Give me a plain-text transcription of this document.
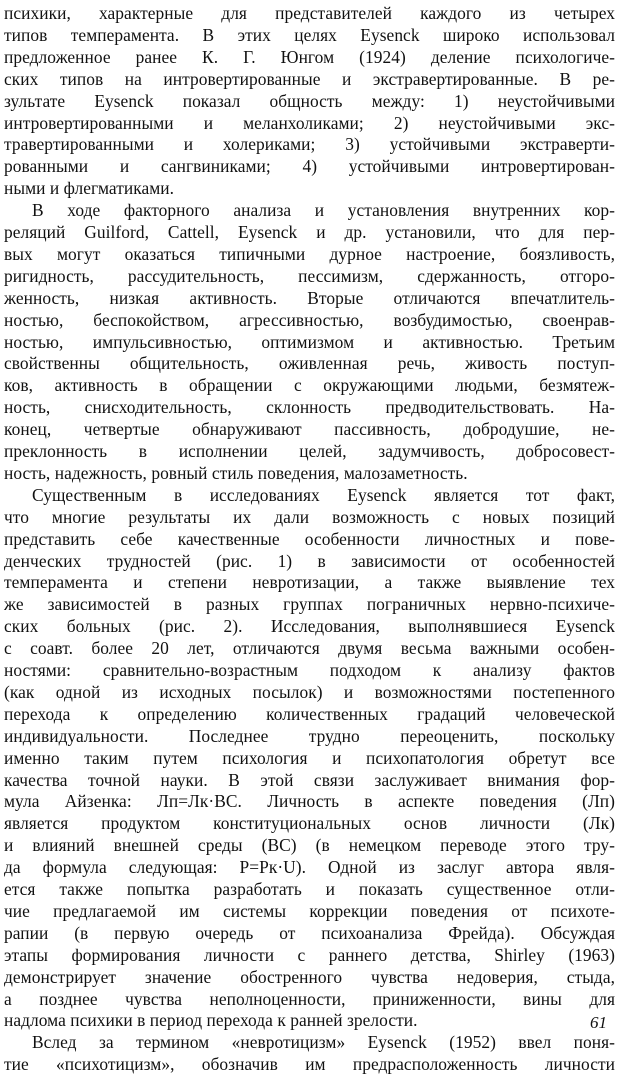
психики, характерные для представителей каждого из четырех
типов темперамента. В этих целях Eysenck широко использовал
предложенное ранее К. Г. Юнгом (1924) деление психологиче-
ских типов на интровертированные и экстравертированные. В ре-
зультате Eysenck показал общность между: 1) неустойчивыми
интровертированными и меланхоликами; 2) неустойчивыми экс-
травертированными и холериками; 3) устойчивыми экстраверти-
рованными и сангвиниками; 4) устойчивыми интровертирован-
ными и флегматиками.
В ходе факторного анализа и установления внутренних кор-
реляций Guilford, Cattell, Eysenck и др. установили, что для пер-
вых могут оказаться типичными дурное настроение, боязливость,
ригидность, рассудительность, пессимизм, сдержанность, отгоро-
женность, низкая активность. Вторые отличаются впечатлитель-
ностью, беспокойством, агрессивностью, возбудимостью, своенрав-
ностью, импульсивностью, оптимизмом и активностью. Третьим
свойственны общительность, оживленная речь, живость поступ-
ков, активность в обращении с окружающими людьми, безмятеж-
ность, снисходительность, склонность предводительствовать. На-
конец, четвертые обнаруживают пассивность, добродушие, не-
преклонность в исполнении целей, задумчивость, добросовест-
ность, надежность, ровный стиль поведения, малозаметность.
Существенным в исследованиях Eysenck является тот факт,
что многие результаты их дали возможность с новых позиций
представить себе качественные особенности личностных и пове-
денческих трудностей (рис. 1) в зависимости от особенностей
темперамента и степени невротизации, а также выявление тех
же зависимостей в разных группах пограничных нервно-психиче-
ских больных (рис. 2). Исследования, выполнявшиеся Eysenck
с соавт. более 20 лет, отличаются двумя весьма важными особен-
ностями: сравнительно-возрастным подходом к анализу фактов
(как одной из исходных посылок) и возможностями постепенного
перехода к определению количественных градаций человеческой
индивидуальности. Последнее трудно переоценить, поскольку
именно таким путем психология и психопатология обретут все
качества точной науки. В этой связи заслуживает внимания фор-
мула Айзенка: Лп=Лк·ВС. Личность в аспекте поведения (Лп)
является продуктом конституциональных основ личности (Лк)
и влияний внешней среды (ВС) (в немецком переводе этого тру-
да формула следующая: P=Pк·U). Одной из заслуг автора явля-
ется также попытка разработать и показать существенное отли-
чие предлагаемой им системы коррекции поведения от психоте-
рапии (в первую очередь от психоанализа Фрейда). Обсуждая
этапы формирования личности с раннего детства, Shirley (1963)
демонстрирует значение обостренного чувства недоверия, стыда,
а позднее чувства неполноценности, приниженности, вины для
надлома психики в период перехода к ранней зрелости.
Вслед за термином «невротицизм» Eysenck (1952) ввел поня-
тие «психотицизм», обозначив им предрасположенность личности
61
